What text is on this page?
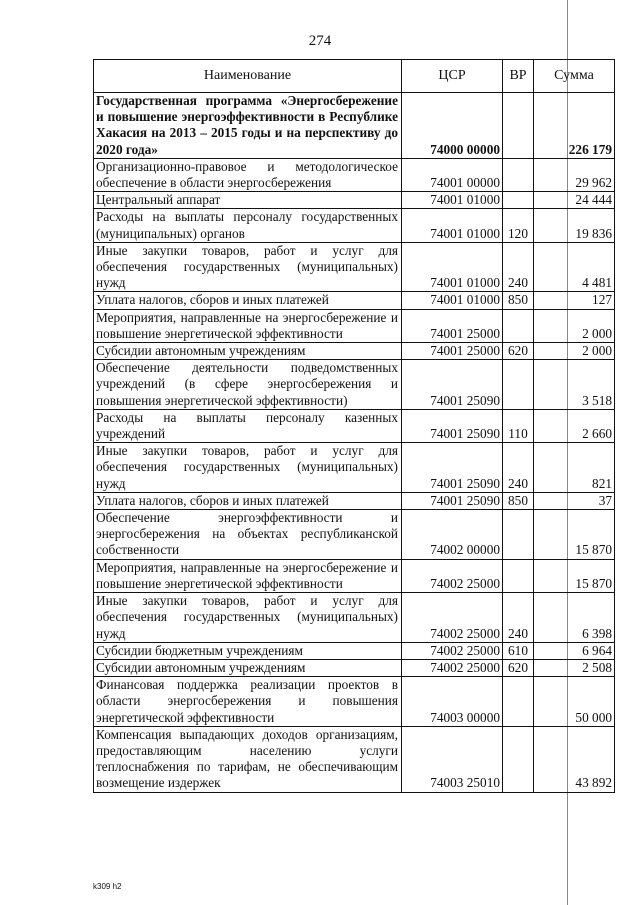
274
Наименование	ЦСР	ВР	Сумма
Государственная программа «Энергосбережение и повышение энергоэффективности в Республике Хакасия на 2013 – 2015 годы и на перспективу до 2020 года»	74000 00000		226 179
Организационно-правовое и методологическое обеспечение в области энергосбережения	74001 00000		29 962
Центральный аппарат	74001 01000		24 444
Расходы на выплаты персоналу государственных (муниципальных) органов	74001 01000	120	19 836
Иные закупки товаров, работ и услуг для обеспечения государственных (муниципальных) нужд	74001 01000	240	4 481
Уплата налогов, сборов и иных платежей	74001 01000	850	127
Мероприятия, направленные на энергосбережение и повышение энергетической эффективности	74001 25000		2 000
Субсидии автономным учреждениям	74001 25000	620	2 000
Обеспечение деятельности подведомственных учреждений (в сфере энергосбережения и повышения энергетической эффективности)	74001 25090		3 518
Расходы на выплаты персоналу казенных учреждений	74001 25090	110	2 660
Иные закупки товаров, работ и услуг для обеспечения государственных (муниципальных) нужд	74001 25090	240	821
Уплата налогов, сборов и иных платежей	74001 25090	850	37
Обеспечение энергоэффективности и энергосбережения на объектах республиканской собственности	74002 00000		15 870
Мероприятия, направленные на энергосбережение и повышение энергетической эффективности	74002 25000		15 870
Иные закупки товаров, работ и услуг для обеспечения государственных (муниципальных) нужд	74002 25000	240	6 398
Субсидии бюджетным учреждениям	74002 25000	610	6 964
Субсидии автономным учреждениям	74002 25000	620	2 508
Финансовая поддержка реализации проектов в области энергосбережения и повышения энергетической эффективности	74003 00000		50 000
Компенсация выпадающих доходов организациям, предоставляющим населению услуги теплоснабжения по тарифам, не обеспечивающим возмещение издержек	74003 25010		43 892
k309 h2
